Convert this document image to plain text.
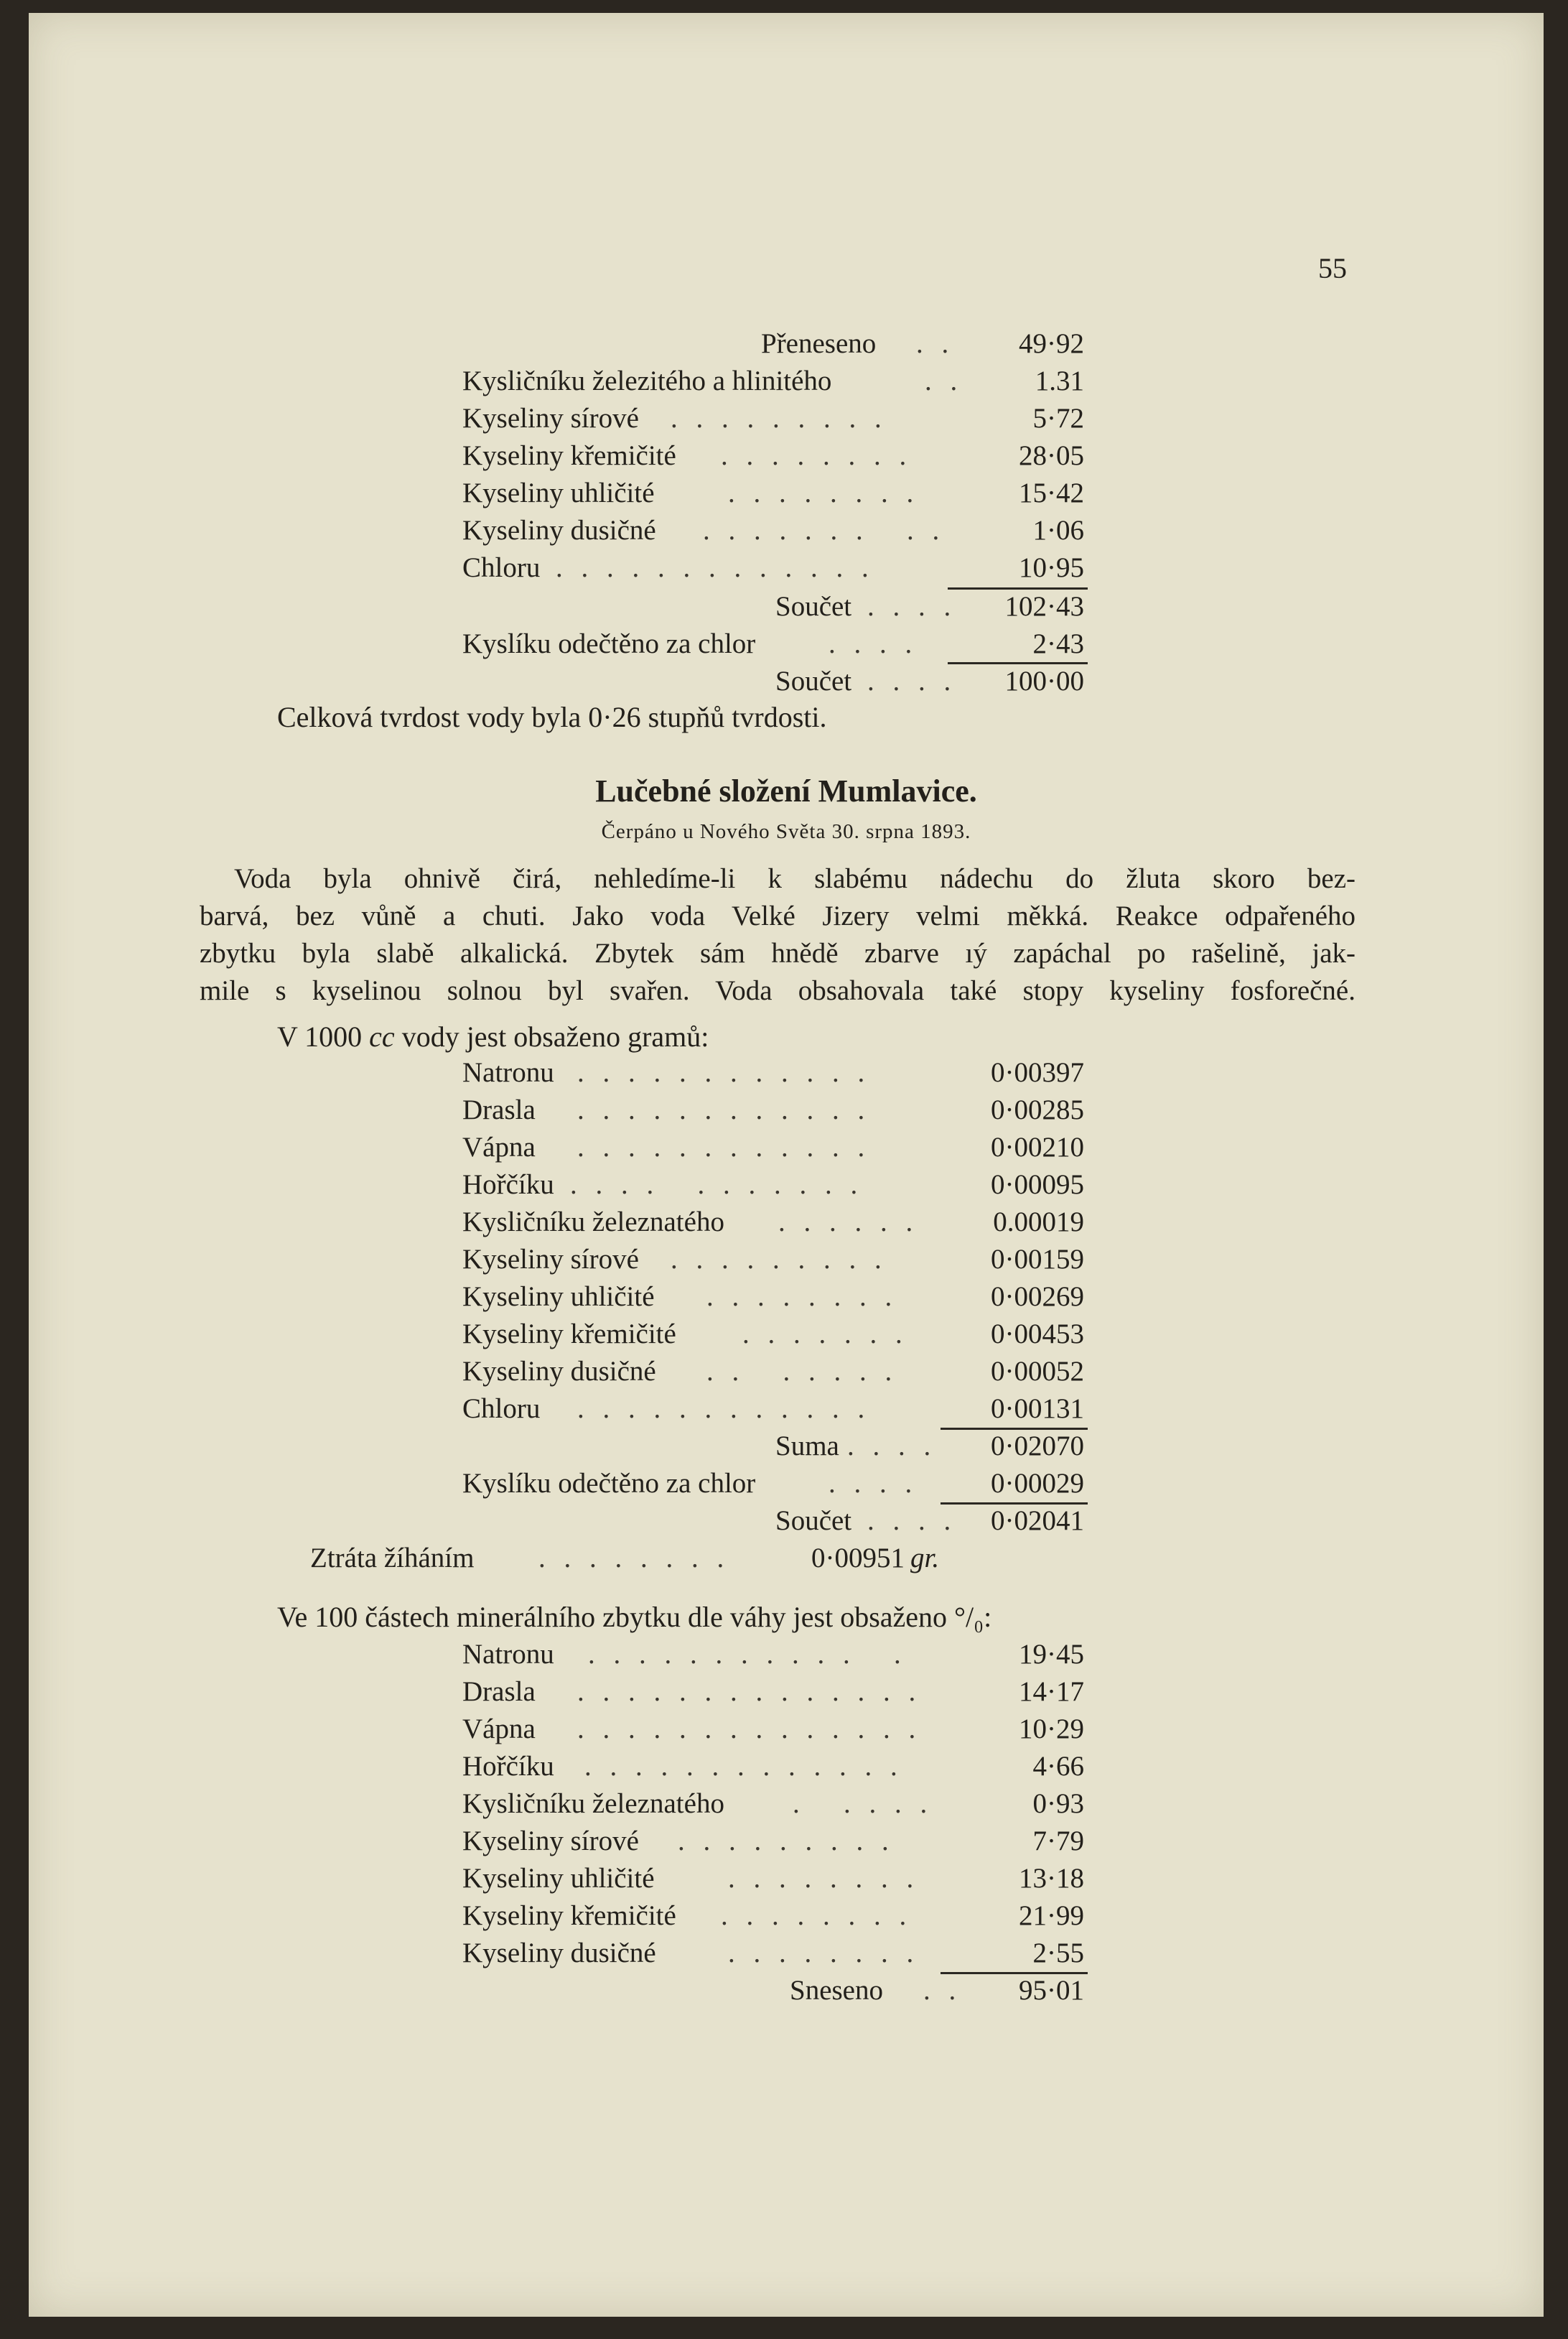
55
Přeneseno . .	49·92
Kysličníku železitého a hlinitého	. .	1.31
Kyseliny sírové . . . . . . . . .	5·72
Kyseliny křemičité . . . . . . . .	28·05
Kyseliny uhličité	. . . . . . . .	15·42
Kyseliny dusičné . . . . . . .   . .	1·06
Chloru . . . . . . . . . . . . .	10·95
Součet . . . .	102·43
Kyslíku odečtěno za chlor	. . . .	2·43
Součet . . . .	100·00
Celková tvrdost vody byla 0·26 stupňů tvrdosti.
Lučebné složení Mumlavice.
Čerpáno u Nového Světa 30. srpna 1893.
Voda byla ohnivě čirá, nehledíme-li k slabému nádechu do žluta skoro bez-
barvá, bez vůně a chuti. Jako voda Velké Jizery velmi měkká. Reakce odpařeného
zbytku byla slabě alkalická. Zbytek sám hnědě zbarve ıý zapáchal po rašelině, jak-
mile s kyselinou solnou byl svařen. Voda obsahovala také stopy kyseliny fosforečné.
V 1000 cc vody jest obsaženo gramů:
Natronu . . . . . . . . . . . .	0·00397
Drasla . . . . . . . . . . . .	0·00285
Vápna . . . . . . . . . . . .	0·00210
Hořčíku . . . .   . . . . . . .	0·00095
Kysličníku železnatého . . . . . .	0.00019
Kyseliny sírové . . . . . . . . .	0·00159
Kyseliny uhličité . . . . . . . .	0·00269
Kyseliny křemičité . . . . . . .	0·00453
Kyseliny dusičné . .   . . . . .	0·00052
Chloru . . . . . . . . . . . .	0·00131
Suma . . . .	0·02070
Kyslíku odečtěno za chlor	. . . .	0·00029
Součet . . . .	0·02041
Ztráta žíháním . . . . . . . .	0·00951 gr.
Ve 100 částech minerálního zbytku dle váhy jest obsaženo °/₀:
Natronu . . . . . . . . . . .   .	19·45
Drasla . . . . . . . . . . . . . .	14·17
Vápna . . . . . . . . . . . . . .	10·29
Hořčíku . . . . . . . . . . . . .	4·66
Kysličníku železnatého .   . . . .	0·93
Kyseliny sírové . . . . . . . . .	7·79
Kyseliny uhličité	. . . . . . . .	13·18
Kyseliny křemičité . . . . . . . .	21·99
Kyseliny dusičné	. . . . . . . .	2·55
Sneseno . .	95·01
